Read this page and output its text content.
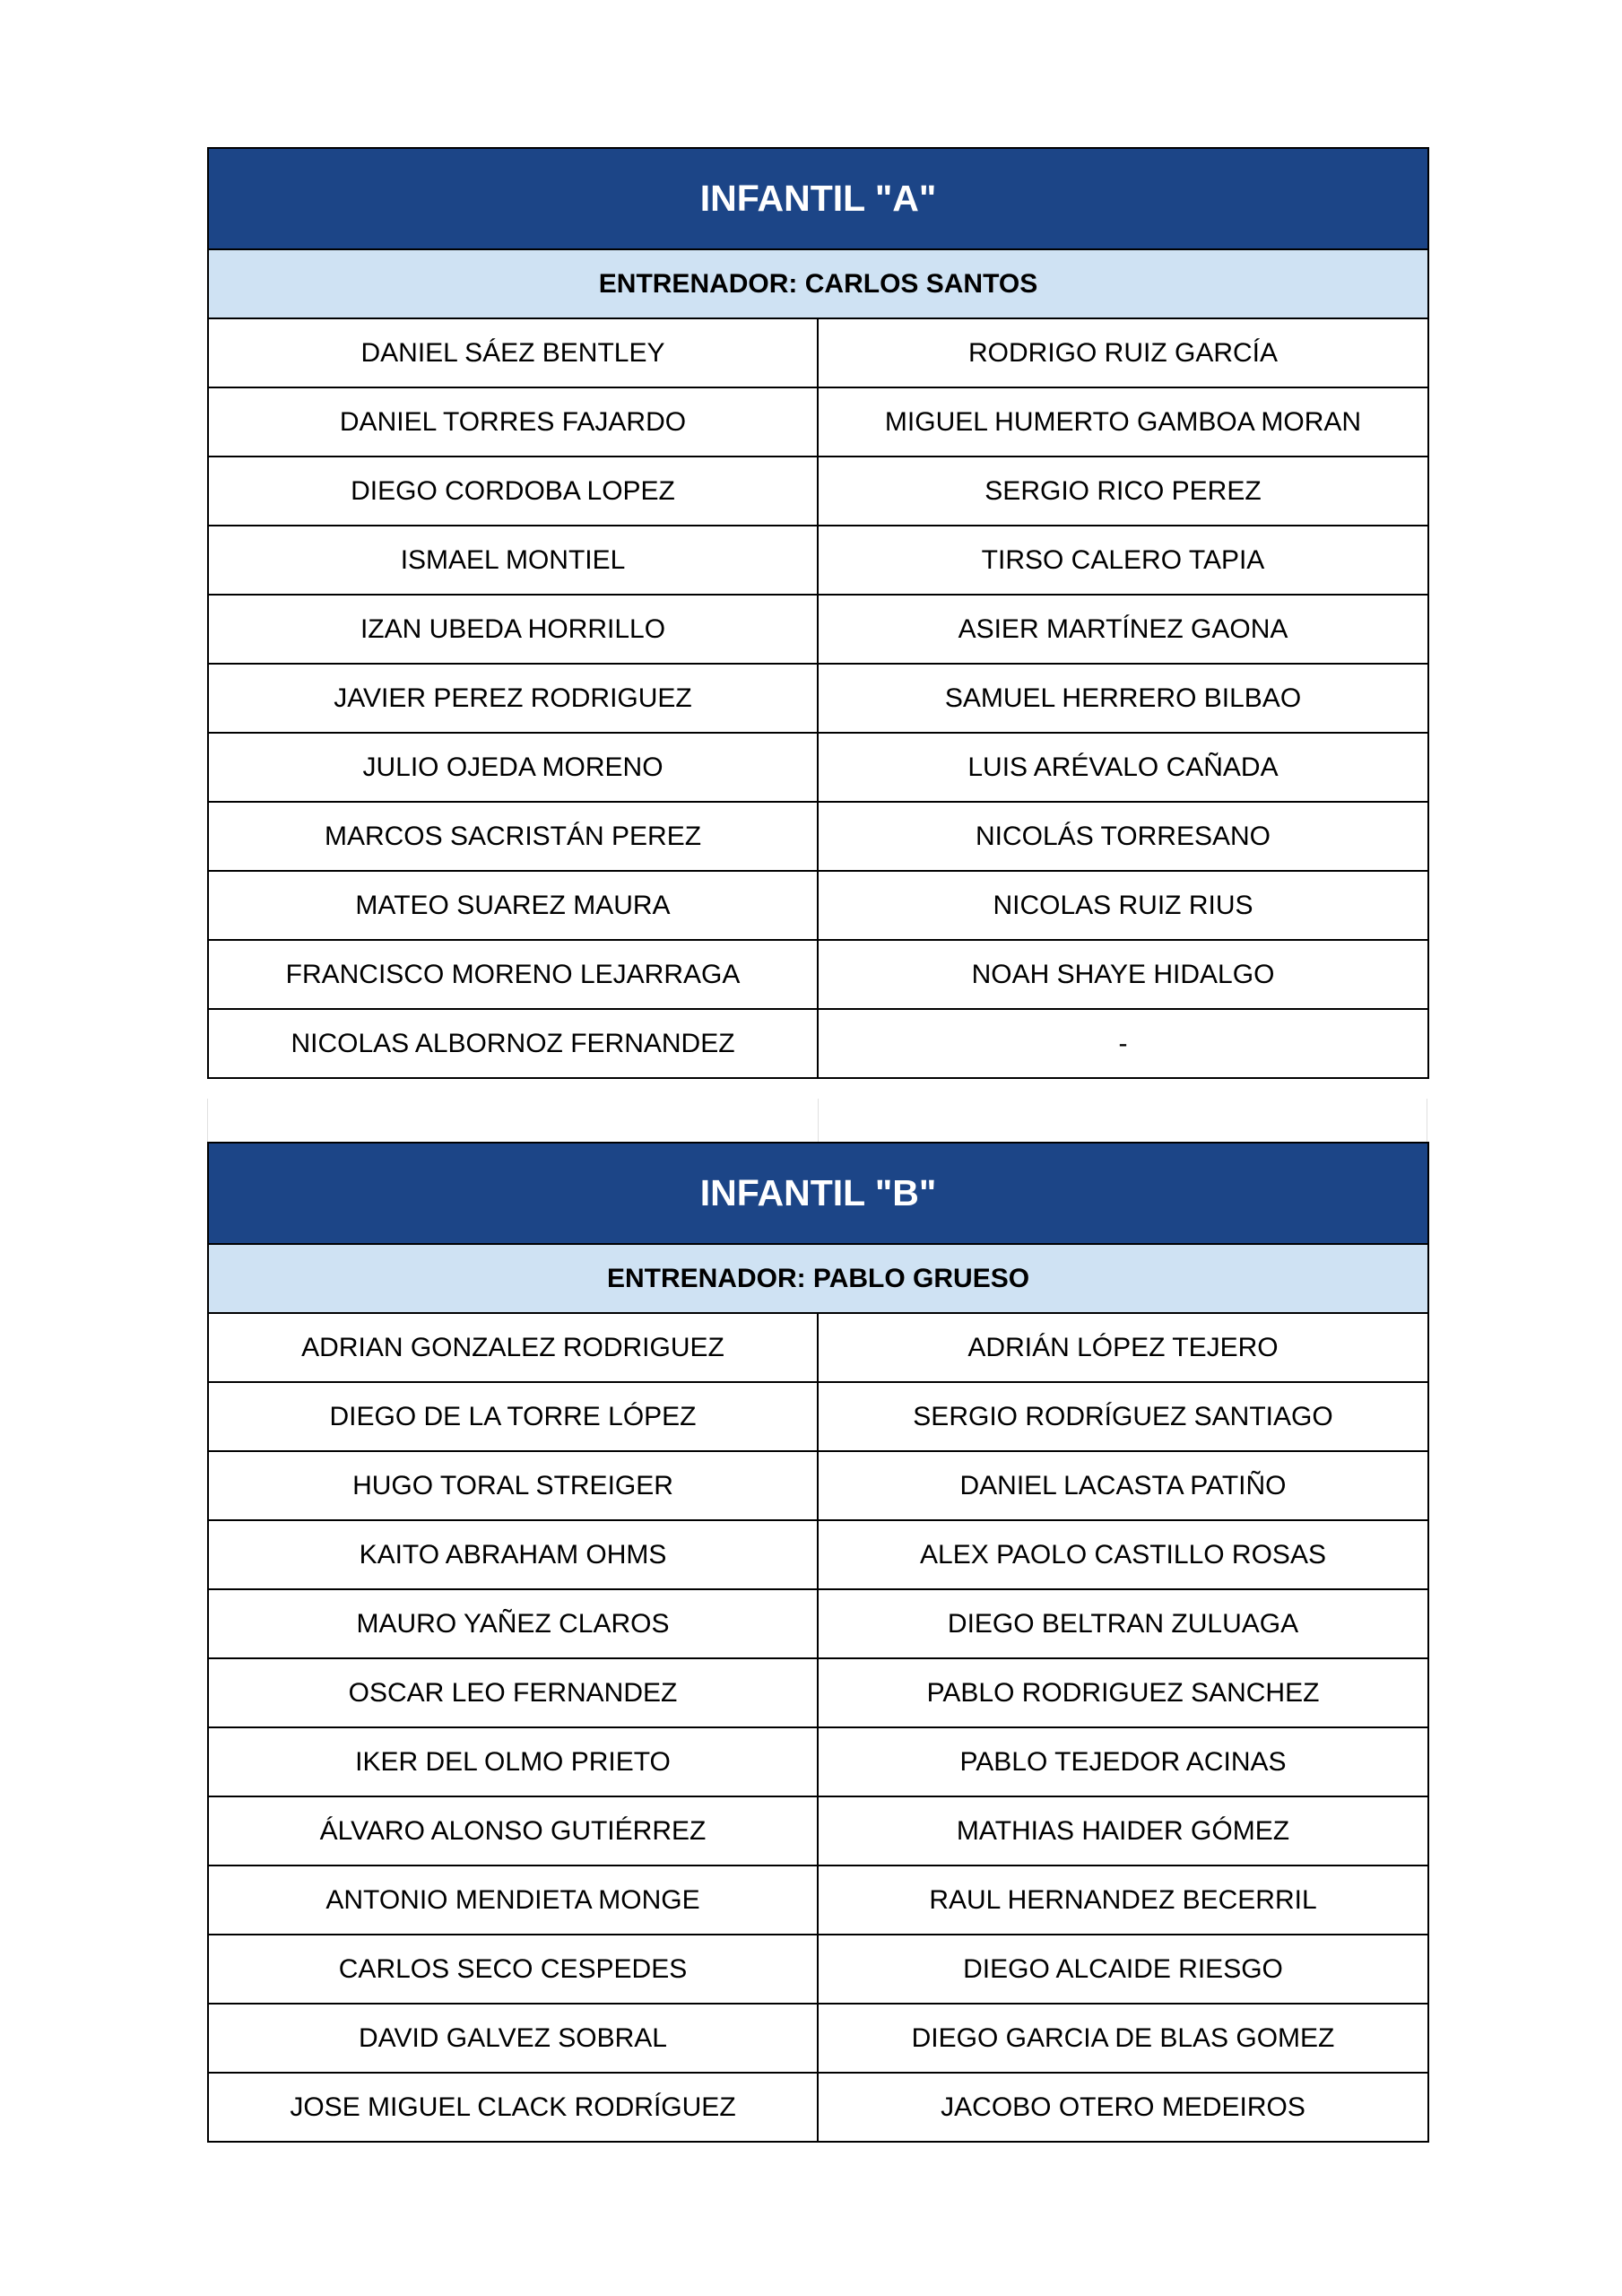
INFANTIL "A"	
ENTRENADOR: CARLOS SANTOS	
DANIEL SÁEZ BENTLEY	RODRIGO RUIZ GARCÍA
DANIEL TORRES FAJARDO	MIGUEL HUMERTO GAMBOA MORAN
DIEGO CORDOBA LOPEZ	SERGIO RICO PEREZ
ISMAEL MONTIEL	TIRSO CALERO TAPIA
IZAN UBEDA HORRILLO	ASIER MARTÍNEZ GAONA
JAVIER PEREZ RODRIGUEZ	SAMUEL HERRERO BILBAO
JULIO OJEDA MORENO	LUIS ARÉVALO CAÑADA
MARCOS SACRISTÁN PEREZ	NICOLÁS TORRESANO
MATEO SUAREZ MAURA	NICOLAS RUIZ RIUS
FRANCISCO MORENO LEJARRAGA	NOAH SHAYE HIDALGO
NICOLAS ALBORNOZ FERNANDEZ	-
INFANTIL "B"	
ENTRENADOR: PABLO GRUESO	
ADRIAN GONZALEZ RODRIGUEZ	ADRIÁN LÓPEZ TEJERO
DIEGO DE LA TORRE LÓPEZ	SERGIO RODRÍGUEZ SANTIAGO
HUGO TORAL STREIGER	DANIEL LACASTA PATIÑO
KAITO ABRAHAM OHMS	ALEX PAOLO CASTILLO ROSAS
MAURO YAÑEZ CLAROS	DIEGO BELTRAN ZULUAGA
OSCAR LEO FERNANDEZ	PABLO RODRIGUEZ SANCHEZ
IKER DEL OLMO PRIETO	PABLO TEJEDOR ACINAS
ÁLVARO ALONSO GUTIÉRREZ	MATHIAS HAIDER GÓMEZ
ANTONIO MENDIETA MONGE	RAUL HERNANDEZ BECERRIL
CARLOS SECO CESPEDES	DIEGO ALCAIDE RIESGO
DAVID GALVEZ SOBRAL	DIEGO GARCIA DE BLAS GOMEZ
JOSE MIGUEL CLACK RODRÍGUEZ	JACOBO OTERO MEDEIROS
